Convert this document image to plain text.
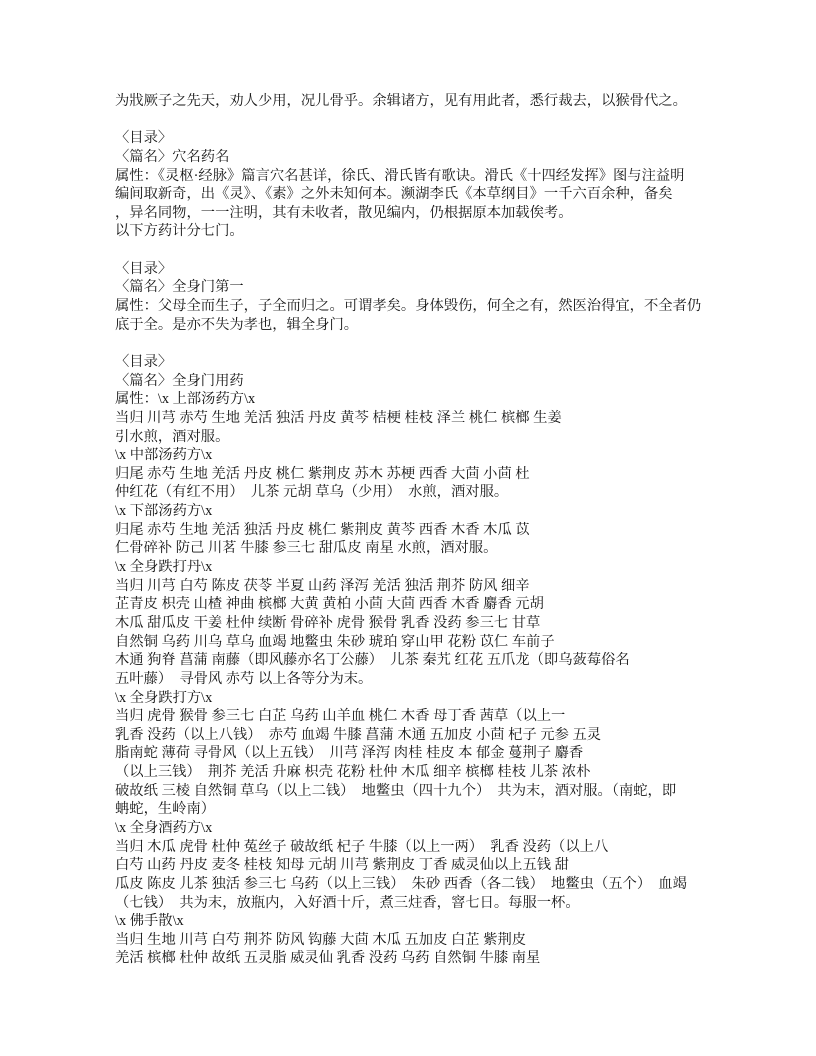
为戕厥子之先天，劝人少用，况儿骨乎。余辑诸方，见有用此者，悉行裁去，以猴骨代之。
〈目录〉
〈篇名〉穴名药名
属性：《灵枢·经脉》篇言穴名甚详，徐氏、滑氏皆有歌诀。滑氏《十四经发挥》图与注益明
编间取新奇，出《灵》、《素》之外未知何本。濒湖李氏《本草纲目》一千六百余种，备矣
，异名同物，一一注明，其有未收者，散见编内，仍根据原本加载俟考。
以下方药计分七门。
〈目录〉
〈篇名〉全身门第一
属性：父母全而生子，子全而归之。可谓孝矣。身体毁伤，何全之有，然医治得宜，不全者仍
底于全。是亦不失为孝也，辑全身门。
〈目录〉
〈篇名〉全身门用药
属性：\x 上部汤药方\x
当归 川芎 赤芍 生地 羌活 独活 丹皮 黄芩 桔梗 桂枝 泽兰 桃仁 槟榔 生姜
引水煎，酒对服。
\x 中部汤药方\x
归尾 赤芍 生地 羌活 丹皮 桃仁 紫荆皮 苏木 苏梗 西香 大茴 小茴 杜
仲红花（有红不用）　儿茶 元胡 草乌（少用）　水煎，酒对服。
\x 下部汤药方\x
归尾 赤芍 生地 羌活 独活 丹皮 桃仁 紫荆皮 黄芩 西香 木香 木瓜 苡
仁骨碎补 防己 川茗 牛膝 参三七 甜瓜皮 南星 水煎，酒对服。
\x 全身跌打丹\x
当归 川芎 白芍 陈皮 茯苓 半夏 山药 泽泻 羌活 独活 荆芥 防风 细辛
芷青皮 枳壳 山楂 神曲 槟榔 大黄 黄柏 小茴 大茴 西香 木香 麝香 元胡
木瓜 甜瓜皮 干姜 杜仲 续断 骨碎补 虎骨 猴骨 乳香 没药 参三七 甘草
自然铜 乌药 川乌 草乌 血竭 地鳖虫 朱砂 琥珀 穿山甲 花粉 苡仁 车前子
木通 狗脊 菖蒲 南藤（即风藤亦名丁公藤）　儿茶 秦艽 红花 五爪龙（即乌蔹莓俗名
五叶藤）　寻骨风 赤芍 以上各等分为末。
\x 全身跌打方\x
当归 虎骨 猴骨 参三七 白芷 乌药 山羊血 桃仁 木香 母丁香 茜草（以上一
乳香 没药（以上八钱）　赤芍 血竭 牛膝 菖蒲 木通 五加皮 小茴 杞子 元参 五灵
脂南蛇 薄荷 寻骨风（以上五钱）　川芎 泽泻 肉桂 桂皮 本 郁金 蔓荆子 麝香
（以上三钱）　荆芥 羌活 升麻 枳壳 花粉 杜仲 木瓜 细辛 槟榔 桂枝 儿茶 浓朴
破故纸 三棱 自然铜 草乌（以上二钱）　地鳖虫（四十九个）　共为末，酒对服。（南蛇，即
蚺蛇，生岭南）
\x 全身酒药方\x
当归 木瓜 虎骨 杜仲 菟丝子 破故纸 杞子 牛膝（以上一两）　乳香 没药（以上八
白芍 山药 丹皮 麦冬 桂枝 知母 元胡 川芎 紫荆皮 丁香 威灵仙以上五钱 甜
瓜皮 陈皮 儿茶 独活 参三七 乌药（以上三钱）　朱砂 西香（各二钱）　地鳖虫（五个）　血竭
（七钱）　共为末，放瓶内，入好酒十斤，煮三炷香，窨七日。每服一杯。
\x 佛手散\x
当归 生地 川芎 白芍 荆芥 防风 钩藤 大茴 木瓜 五加皮 白芷 紫荆皮
羌活 槟榔 杜仲 故纸 五灵脂 威灵仙 乳香 没药 乌药 自然铜 牛膝 南星
